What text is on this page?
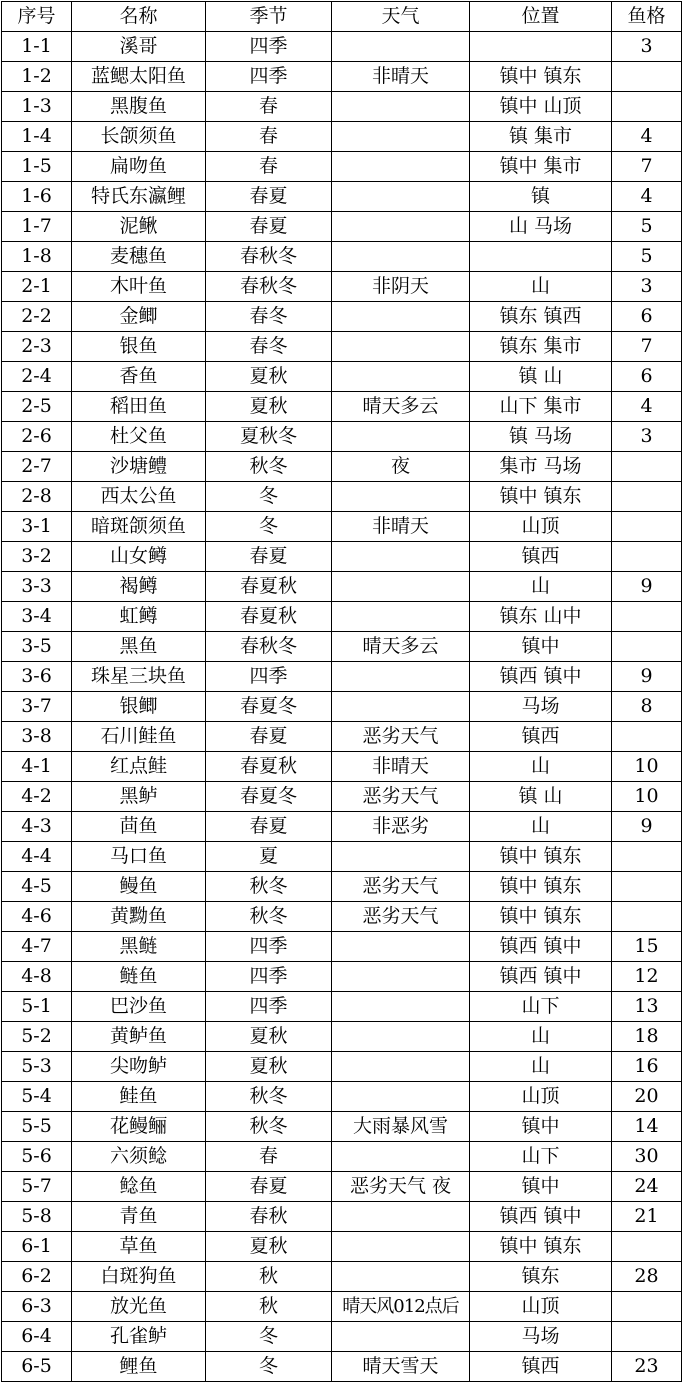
序号	名称	季节	天气	位置	鱼格
1-1	溪哥	四季			3
1-2	蓝鳃太阳鱼	四季	非晴天	镇中 镇东	
1-3	黑腹鱼	春		镇中 山顶	
1-4	长颌须鱼	春		镇 集市	4
1-5	扁吻鱼	春		镇中 集市	7
1-6	特氏东瀛鲤	春夏		镇	4
1-7	泥鳅	春夏		山 马场	5
1-8	麦穗鱼	春秋冬			5
2-1	木叶鱼	春秋冬	非阴天	山	3
2-2	金鲫	春冬		镇东 镇西	6
2-3	银鱼	春冬		镇东 集市	7
2-4	香鱼	夏秋		镇 山	6
2-5	稻田鱼	夏秋	晴天多云	山下 集市	4
2-6	杜父鱼	夏秋冬		镇 马场	3
2-7	沙塘鳢	秋冬	夜	集市 马场	
2-8	西太公鱼	冬		镇中 镇东	
3-1	暗斑颌须鱼	冬	非晴天	山顶	
3-2	山女鳟	春夏		镇西	
3-3	褐鳟	春夏秋		山	9
3-4	虹鳟	春夏秋		镇东 山中	
3-5	黑鱼	春秋冬	晴天多云	镇中	
3-6	珠星三块鱼	四季		镇西 镇中	9
3-7	银鲫	春夏冬		马场	8
3-8	石川鲑鱼	春夏	恶劣天气	镇西	
4-1	红点鲑	春夏秋	非晴天	山	10
4-2	黑鲈	春夏冬	恶劣天气	镇 山	10
4-3	茴鱼	春夏	非恶劣	山	9
4-4	马口鱼	夏		镇中 镇东	
4-5	鳗鱼	秋冬	恶劣天气	镇中 镇东	
4-6	黄黝鱼	秋冬	恶劣天气	镇中 镇东	
4-7	黑鲢	四季		镇西 镇中	15
4-8	鲢鱼	四季		镇西 镇中	12
5-1	巴沙鱼	四季		山下	13
5-2	黄鲈鱼	夏秋		山	18
5-3	尖吻鲈	夏秋		山	16
5-4	鲑鱼	秋冬		山顶	20
5-5	花鳗鲡	秋冬	大雨暴风雪	镇中	14
5-6	六须鲶	春		山下	30
5-7	鲶鱼	春夏	恶劣天气 夜	镇中	24
5-8	青鱼	春秋		镇西 镇中	21
6-1	草鱼	夏秋		镇中 镇东	
6-2	白斑狗鱼	秋		镇东	28
6-3	放光鱼	秋	晴天风012点后	山顶	
6-4	孔雀鲈	冬		马场	
6-5	鲤鱼	冬	晴天雪天	镇西	23
